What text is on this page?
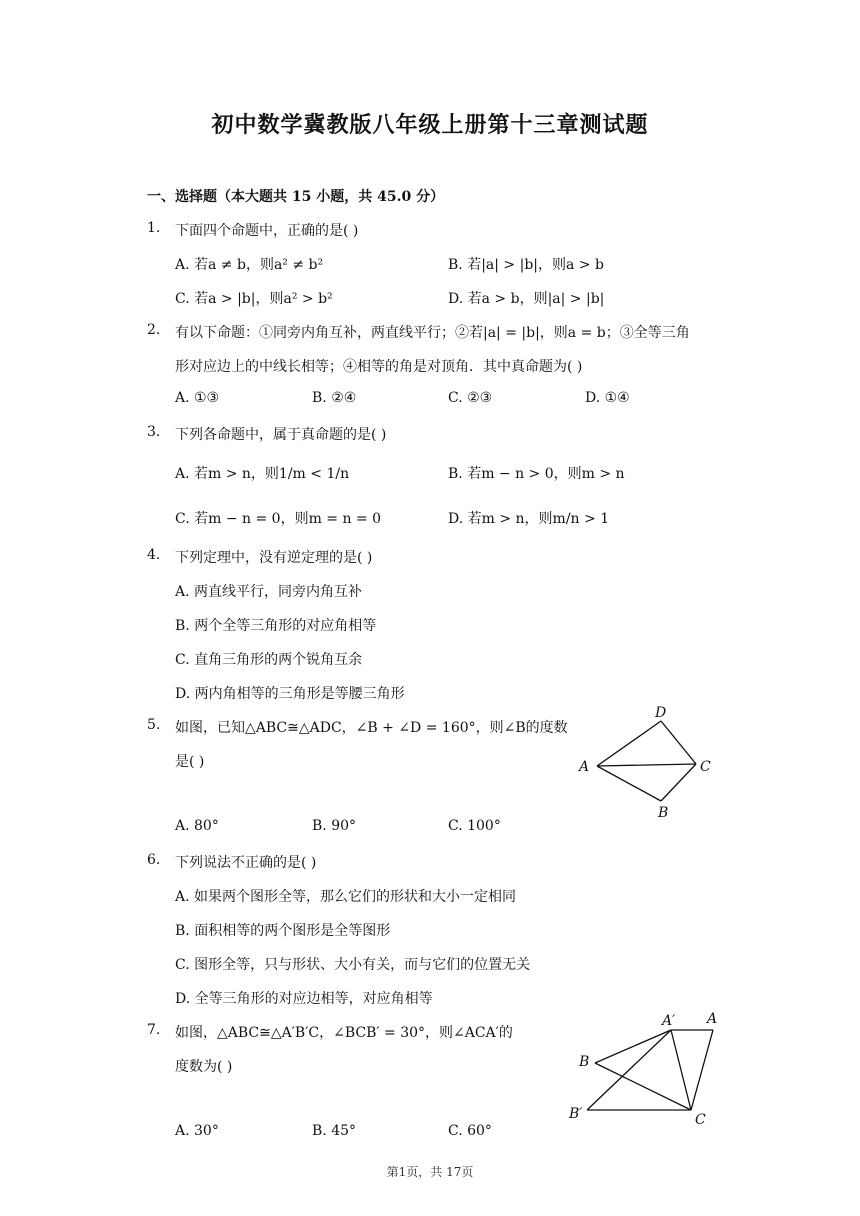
初中数学冀教版八年级上册第十三章测试题
一、选择题（本大题共 15 小题，共 45.0 分）
1. 下面四个命题中，正确的是( )
A. 若a ≠ b，则a² ≠ b²	B. 若|a| > |b|，则a > b
C. 若a > |b|，则a² > b²	D. 若a > b，则|a| > |b|
2. 有以下命题：①同旁内角互补，两直线平行；②若|a| = |b|，则a = b；③全等三角
形对应边上的中线长相等；④相等的角是对顶角．其中真命题为( )
A. ①③	B. ②④	C. ②③	D. ①④
3. 下列各命题中，属于真命题的是( )
A. 若m > n，则1/m < 1/n	B. 若m − n > 0，则m > n
C. 若m − n = 0，则m = n = 0	D. 若m > n，则m/n > 1
4. 下列定理中，没有逆定理的是( )
A. 两直线平行，同旁内角互补
B. 两个全等三角形的对应角相等
C. 直角三角形的两个锐角互余
D. 两内角相等的三角形是等腰三角形
5. 如图，已知△ABC≅△ADC，∠B + ∠D = 160°，则∠B的度数
是( )
A. 80°	B. 90°	C. 100°
D
A	C
B
6. 下列说法不正确的是( )
A. 如果两个图形全等，那么它们的形状和大小一定相同
B. 面积相等的两个图形是全等图形
C. 图形全等，只与形状、大小有关，而与它们的位置无关
D. 全等三角形的对应边相等，对应角相等
7. 如图，△ABC≅△A′B′C，∠BCB′ = 30°，则∠ACA′的
度数为( )
A. 30°	B. 45°	C. 60°
A′ A
B
B′	C
第1页，共 17页
